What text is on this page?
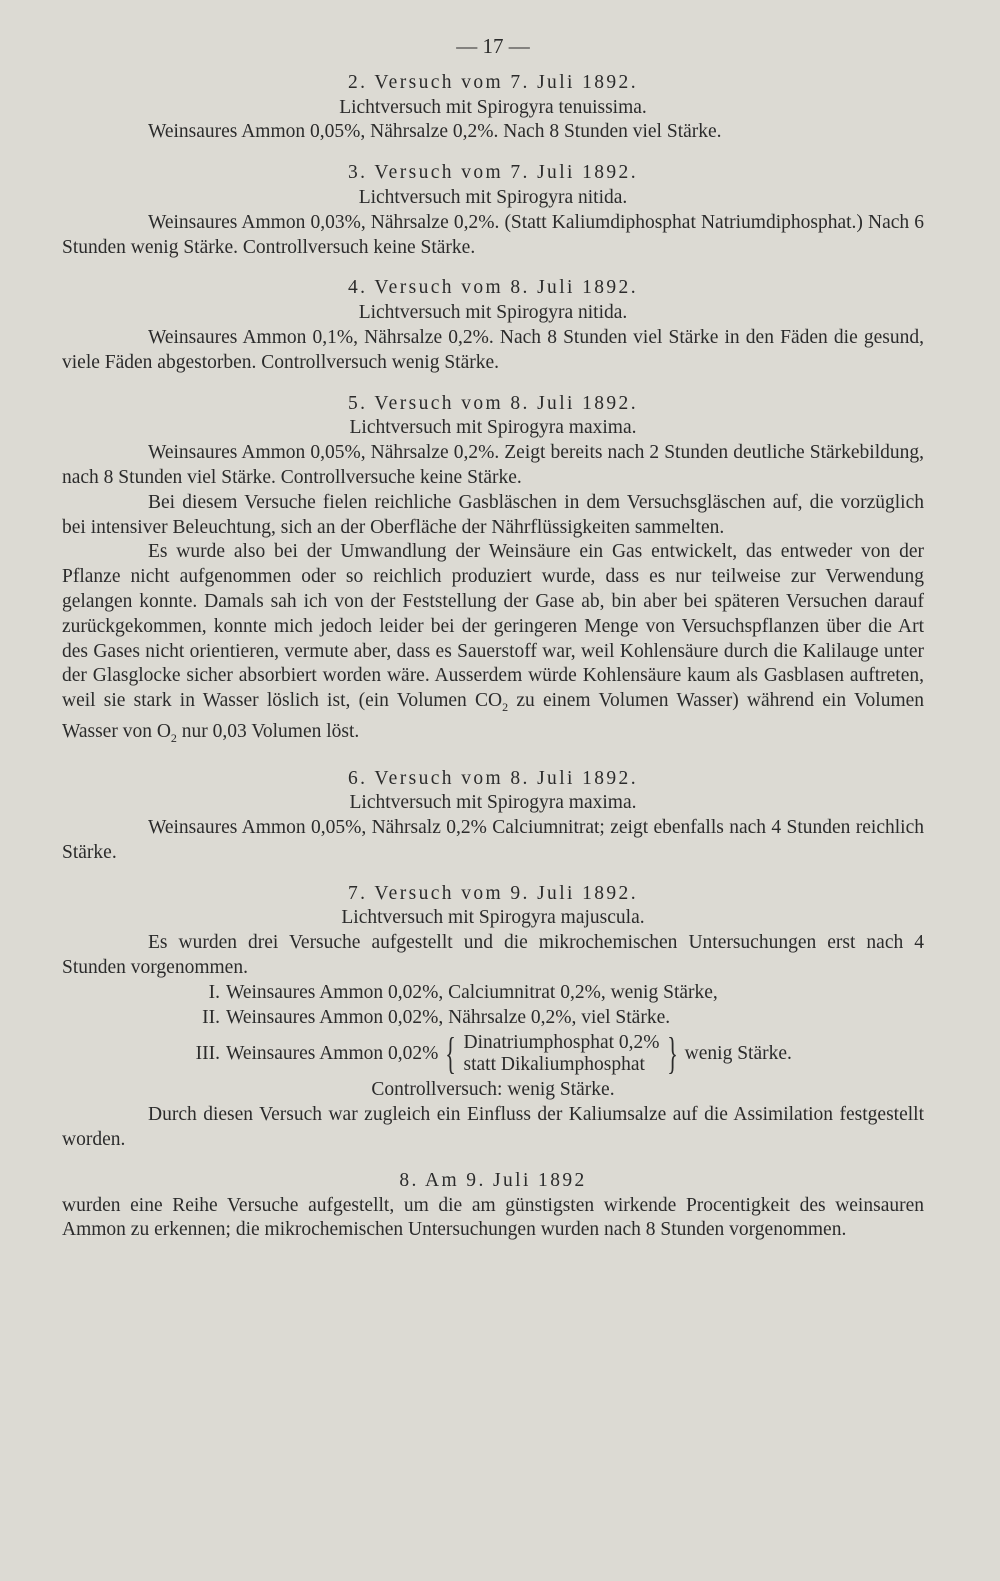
— 17 —
2. Versuch vom 7. Juli 1892.
Lichtversuch mit Spirogyra tenuissima.
Weinsaures Ammon 0,05%, Nährsalze 0,2%. Nach 8 Stunden viel Stärke.
3. Versuch vom 7. Juli 1892.
Lichtversuch mit Spirogyra nitida.
Weinsaures Ammon 0,03%, Nährsalze 0,2%. (Statt Kaliumdiphosphat Natriumdiphosphat.) Nach 6 Stunden wenig Stärke. Controllversuch keine Stärke.
4. Versuch vom 8. Juli 1892.
Lichtversuch mit Spirogyra nitida.
Weinsaures Ammon 0,1%, Nährsalze 0,2%. Nach 8 Stunden viel Stärke in den Fäden die gesund, viele Fäden abgestorben. Controllversuch wenig Stärke.
5. Versuch vom 8. Juli 1892.
Lichtversuch mit Spirogyra maxima.
Weinsaures Ammon 0,05%, Nährsalze 0,2%. Zeigt bereits nach 2 Stunden deutliche Stärkebildung, nach 8 Stunden viel Stärke. Controllversuche keine Stärke.
Bei diesem Versuche fielen reichliche Gasbläschen in dem Versuchsgläschen auf, die vorzüglich bei intensiver Beleuchtung, sich an der Oberfläche der Nährflüssigkeiten sammelten.
Es wurde also bei der Umwandlung der Weinsäure ein Gas entwickelt, das entweder von der Pflanze nicht aufgenommen oder so reichlich produziert wurde, dass es nur teilweise zur Verwendung gelangen konnte. Damals sah ich von der Feststellung der Gase ab, bin aber bei späteren Versuchen darauf zurückgekommen, konnte mich jedoch leider bei der geringeren Menge von Versuchspflanzen über die Art des Gases nicht orientieren, vermute aber, dass es Sauerstoff war, weil Kohlensäure durch die Kalilauge unter der Glasglocke sicher absorbiert worden wäre. Ausserdem würde Kohlensäure kaum als Gasblasen auftreten, weil sie stark in Wasser löslich ist, (ein Volumen $CO_2$ zu einem Volumen Wasser) während ein Volumen Wasser von $O_2$ nur 0,03 Volumen löst.
6. Versuch vom 8. Juli 1892.
Lichtversuch mit Spirogyra maxima.
Weinsaures Ammon 0,05%, Nährsalz 0,2% Calciumnitrat; zeigt ebenfalls nach 4 Stunden reichlich Stärke.
7. Versuch vom 9. Juli 1892.
Lichtversuch mit Spirogyra majuscula.
Es wurden drei Versuche aufgestellt und die mikrochemischen Untersuchungen erst nach 4 Stunden vorgenommen.
I. Weinsaures Ammon 0,02%, Calciumnitrat 0,2%, wenig Stärke,
II. Weinsaures Ammon 0,02%, Nährsalze 0,2%, viel Stärke.
III. Weinsaures Ammon 0,02% { Dinatriumphosphat 0,2%
statt Dikaliumphosphat } wenig Stärke.
Controllversuch: wenig Stärke.
Durch diesen Versuch war zugleich ein Einfluss der Kaliumsalze auf die Assimilation festgestellt worden.
8. Am 9. Juli 1892
wurden eine Reihe Versuche aufgestellt, um die am günstigsten wirkende Procentigkeit des weinsauren Ammon zu erkennen; die mikrochemischen Untersuchungen wurden nach 8 Stunden vorgenommen.
